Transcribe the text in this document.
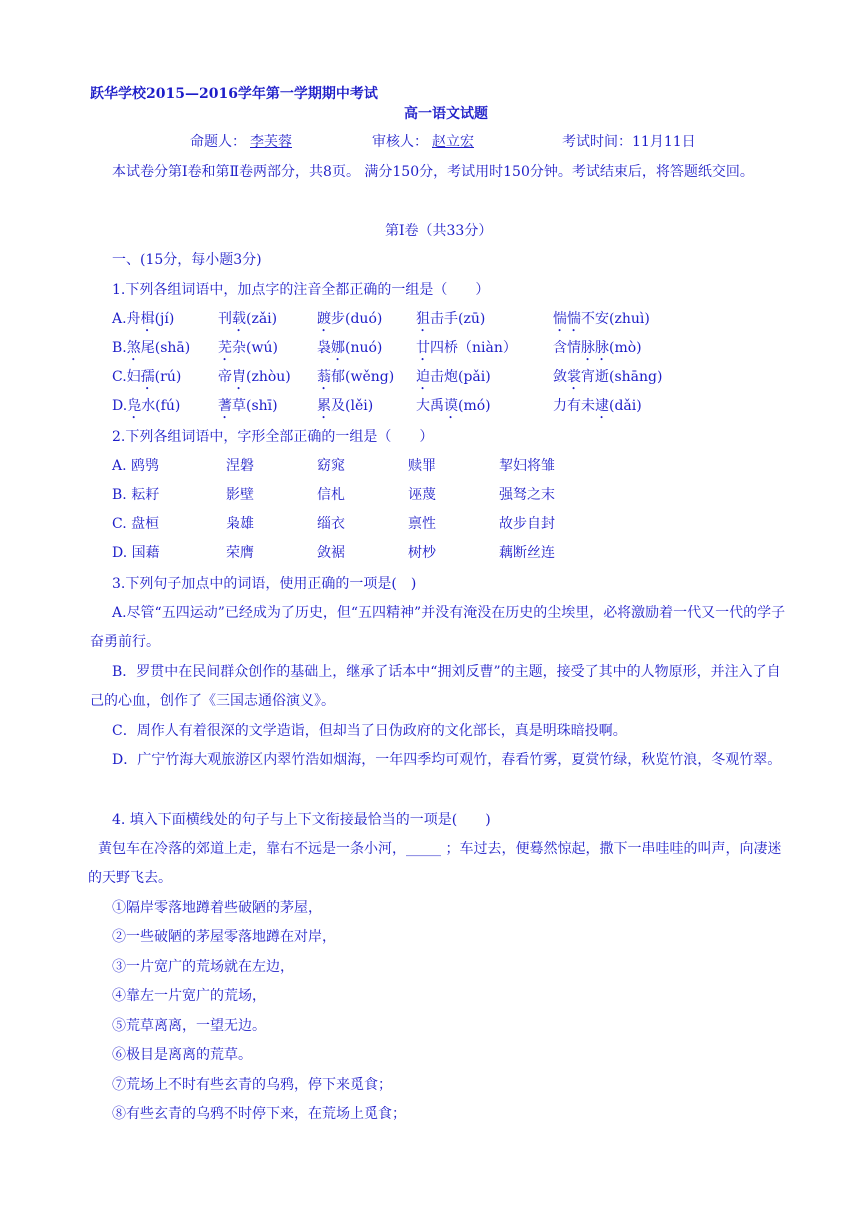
跃华学校2015—2016学年第一学期期中考试
高一语文试题
命题人： 李芙蓉	审核人： 赵立宏	考试时间：11月11日
本试卷分第Ⅰ卷和第Ⅱ卷两部分，共8页。 满分150分，考试用时150分钟。考试结束后，将答题纸交回。
第Ⅰ卷（共33分）
一、(15分，每小题3分)
1.下列各组词语中，加点字的注音全都正确的一组是（　　）
A.舟楫(jí)	刊载(zǎi)	踱步(duó) 狙击手(zū)	惴惴不安(zhuì)
B.煞尾(shā) 芜杂(wú)	袅娜(nuó) 廿四桥（niàn）	含情脉脉(mò)
C.妇孺(rú)	帝胄(zhòu) 蓊郁(wěng) 迫击炮(pǎi)	敛裳宵逝(shāng)
D.凫水(fú)	蓍草(shī)	累及(lěi)	大禹谟(mó)	力有未逮(dǎi)
2.下列各组词语中，字形全部正确的一组是（　　）
A. 鸥鸮	涅磐	窈窕	赎罪	挈妇将雏
B. 耘耔	影壁	信札	诬蔑	强驽之末
C. 盘桓	枭雄	缁衣	禀性	故步自封
D. 国藉	荣膺	敛裾	树杪	藕断丝连
3.下列句子加点中的词语，使用正确的一项是(　)
A.尽管“五四运动”已经成为了历史，但“五四精神”并没有淹没在历史的尘埃里，必将激励着一代又一代的学子奋勇前行。
B．罗贯中在民间群众创作的基础上，继承了话本中“拥刘反曹”的主题，接受了其中的人物原形，并注入了自己的心血，创作了《三国志通俗演义》。
C．周作人有着很深的文学造诣，但却当了日伪政府的文化部长，真是明珠暗投啊。
D．广宁竹海大观旅游区内翠竹浩如烟海，一年四季均可观竹，春看竹雾，夏赏竹绿，秋览竹浪，冬观竹翠。
4. 填入下面横线处的句子与上下文衔接最恰当的一项是(　　)
黄包车在冷落的郊道上走，靠右不远是一条小河，_____ ；车过去，便蓦然惊起，撒下一串哇哇的叫声，向凄迷的天野飞去。
①隔岸零落地蹲着些破陋的茅屋，
②一些破陋的茅屋零落地蹲在对岸，
③一片宽广的荒场就在左边，
④靠左一片宽广的荒场，
⑤荒草离离，一望无边。
⑥极目是离离的荒草。
⑦荒场上不时有些玄青的乌鸦，停下来觅食；
⑧有些玄青的乌鸦不时停下来，在荒场上觅食；
